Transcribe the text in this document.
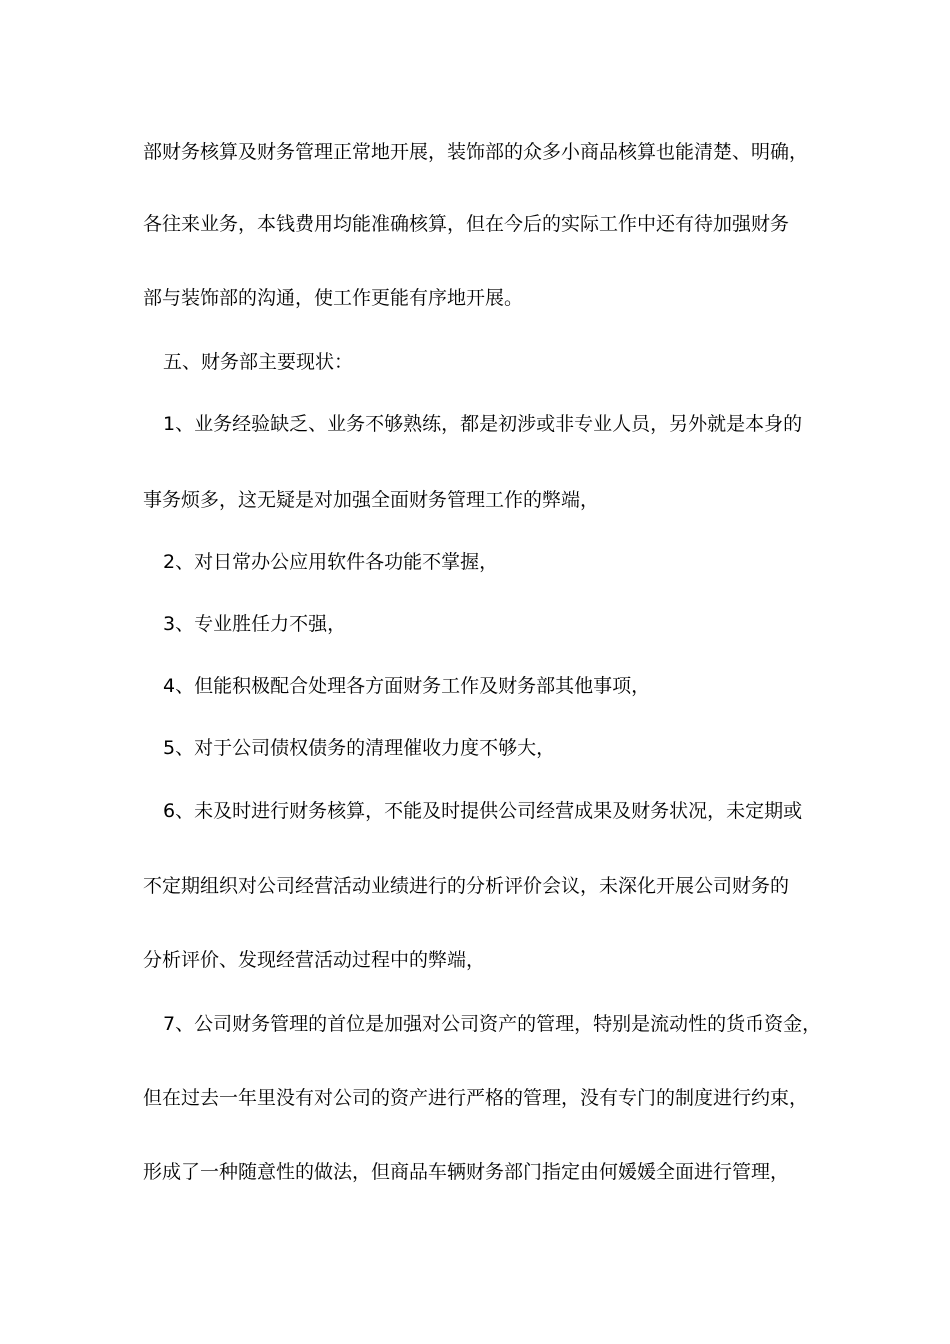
部财务核算及财务管理正常地开展，装饰部的众多小商品核算也能清楚、明确，
各往来业务，本钱费用均能准确核算，但在今后的实际工作中还有待加强财务
部与装饰部的沟通，使工作更能有序地开展。
五、财务部主要现状：
1、业务经验缺乏、业务不够熟练，都是初涉或非专业人员，另外就是本身的
事务烦多，这无疑是对加强全面财务管理工作的弊端，
2、对日常办公应用软件各功能不掌握，
3、专业胜任力不强，
4、但能积极配合处理各方面财务工作及财务部其他事项，
5、对于公司债权债务的清理催收力度不够大，
6、未及时进行财务核算，不能及时提供公司经营成果及财务状况，未定期或
不定期组织对公司经营活动业绩进行的分析评价会议，未深化开展公司财务的
分析评价、发现经营活动过程中的弊端，
7、公司财务管理的首位是加强对公司资产的管理，特别是流动性的货币资金，
但在过去一年里没有对公司的资产进行严格的管理，没有专门的制度进行约束，
形成了一种随意性的做法，但商品车辆财务部门指定由何媛媛全面进行管理，
